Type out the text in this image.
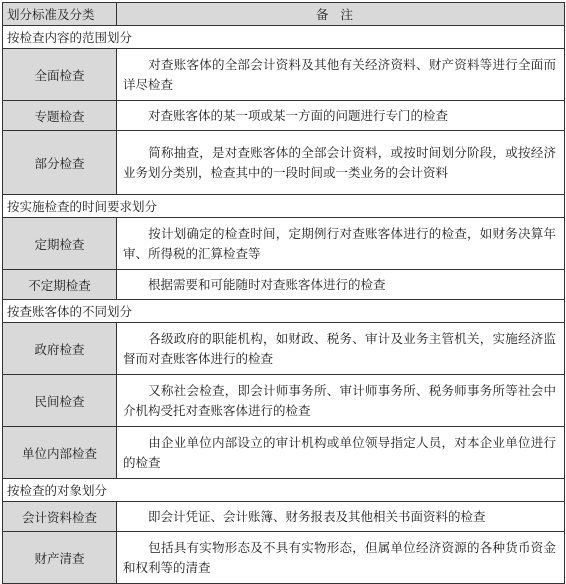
划分标准及分类	备注
按检查内容的范围划分	
全面检查	对查账客体的全部会计资料及其他有关经济资料、财产资料等进行全面而详尽检查
专题检查	对查账客体的某一项或某一方面的问题进行专门的检查
部分检查	简称抽查，是对查账客体的全部会计资料，或按时间划分阶段，或按经济业务划分类别，检查其中的一段时间或一类业务的会计资料
按实施检查的时间要求划分	
定期检查	按计划确定的检查时间，定期例行对查账客体进行的检查，如财务决算年审、所得税的汇算检查等
不定期检查	根据需要和可能随时对查账客体进行的检查
按查账客体的不同划分	
政府检查	各级政府的职能机构，如财政、税务、审计及业务主管机关，实施经济监督而对查账客体进行的检查
民间检查	又称社会检查，即会计师事务所、审计师事务所、税务师事务所等社会中介机构受托对查账客体进行的检查
单位内部检查	由企业单位内部设立的审计机构或单位领导指定人员，对本企业单位进行的检查
按检查的对象划分	
会计资料检查	即会计凭证、会计账簿、财务报表及其他相关书面资料的检查
财产清查	包括具有实物形态及不具有实物形态，但属单位经济资源的各种货币资金和权利等的清查
